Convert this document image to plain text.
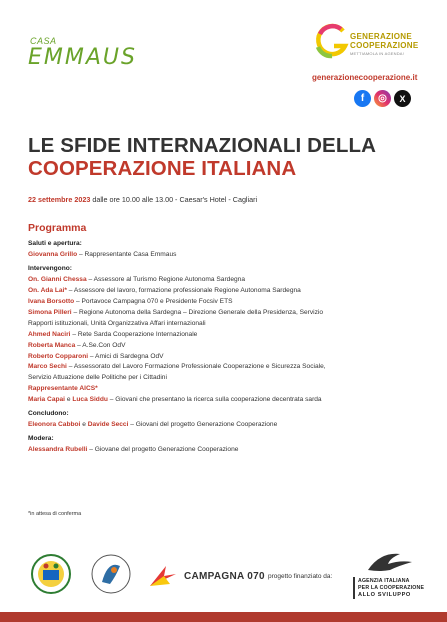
CASA
EMMAUS
GENERAZIONE
COOPERAZIONE
METTIAMOLA IN AGENDA!
generazionecooperazione.it
f	◎	X
LE SFIDE INTERNAZIONALI DELLA
COOPERAZIONE ITALIANA
22 settembre 2023 dalle ore 10.00 alle 13.00 - Caesar's Hotel - Cagliari
Programma
Saluti e apertura:
Giovanna Grillo – Rappresentante Casa Emmaus
Intervengono:
On. Gianni Chessa – Assessore al Turismo Regione Autonoma Sardegna
On. Ada Lai* – Assessore del lavoro, formazione professionale Regione Autonoma Sardegna
Ivana Borsotto – Portavoce Campagna 070 e Presidente Focsiv ETS
Simona Pilleri – Regione Autonoma della Sardegna – Direzione Generale della Presidenza, Servizio
Rapporti istituzionali, Unità Organizzativa Affari internazionali
Ahmed Naciri – Rete Sarda Cooperazione Internazionale
Roberta Manca – A.Se.Con OdV
Roberto Copparoni – Amici di Sardegna OdV
Marco Sechi – Assessorato del Lavoro Formazione Professionale Cooperazione e Sicurezza Sociale,
Servizio Attuazione delle Politiche per i Cittadini
Rappresentante AICS*
Maria Capai e Luca Siddu – Giovani che presentano la ricerca sulla cooperazione decentrata sarda
Concludono:
Eleonora Cabboi e Davide Secci – Giovani del progetto Generazione Cooperazione
Modera:
Alessandra Rubelli – Giovane del progetto Generazione Cooperazione
*in attesa di conferma
CAMPAGNA 070 progetto finanziato da:
AGENZIA ITALIANA
PER LA COOPERAZIONE
ALLO SVILUPPO
